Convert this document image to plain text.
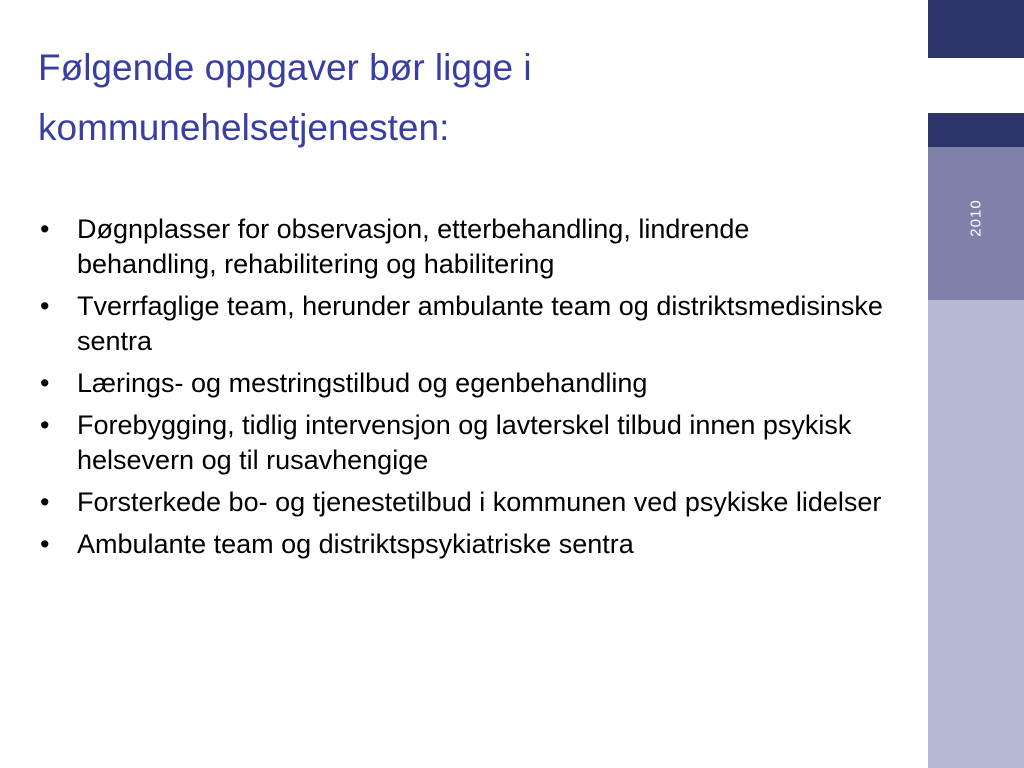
Følgende oppgaver bør ligge i kommunehelsetjenesten:
•	Døgnplasser for observasjon, etterbehandling, lindrende behandling, rehabilitering og habilitering
•	Tverrfaglige team, herunder ambulante team og distriktsmedisinske sentra
•	Lærings- og mestringstilbud og egenbehandling
•	Forebygging, tidlig intervensjon og lavterskel tilbud innen psykisk helsevern og til rusavhengige
•	Forsterkede bo- og tjenestetilbud i kommunen ved psykiske lidelser
•	Ambulante team og distriktspsykiatriske sentra
2010
